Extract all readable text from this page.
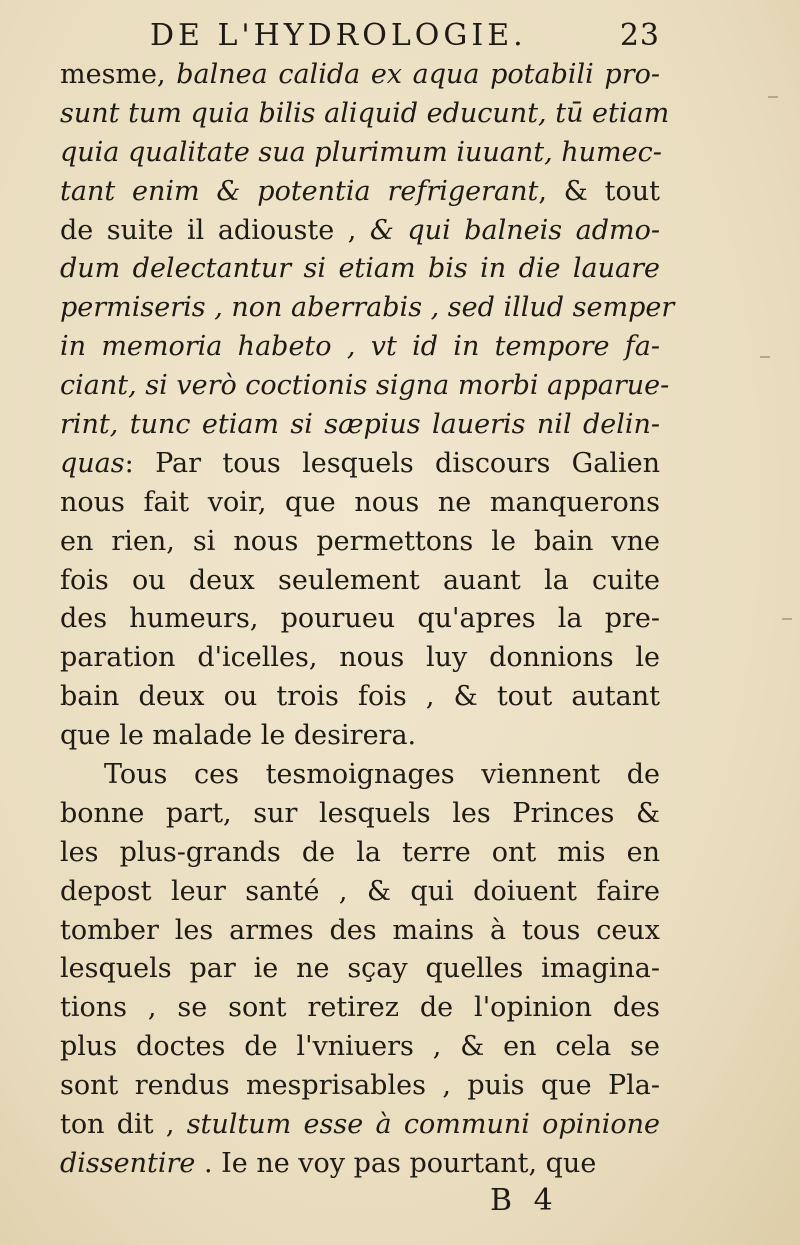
DE L'HYDROLOGIE.	23
mesme, balnea calida ex aqua potabili pro-
sunt tum quia bilis aliquid educunt, tū etiam
quia qualitate sua plurimum iuuant, humec-
tant enim & potentia refrigerant, & tout
de suite il adiouste , & qui balneis admo-
dum delectantur si etiam bis in die lauare
permiseris , non aberrabis , sed illud semper
in memoria habeto , vt id in tempore fa-
ciant, si verò coctionis signa morbi apparue-
rint, tunc etiam si sæpius laueris nil delin-
quas: Par tous lesquels discours Galien
nous fait voir, que nous ne manquerons
en rien, si nous permettons le bain vne
fois ou deux seulement auant la cuite
des humeurs, pourueu qu'apres la pre-
paration d'icelles, nous luy donnions le
bain deux ou trois fois , & tout autant
que le malade le desirera.
Tous ces tesmoignages viennent de
bonne part, sur lesquels les Princes &
les plus-grands de la terre ont mis en
depost leur santé , & qui doiuent faire
tomber les armes des mains à tous ceux
lesquels par ie ne sçay quelles imagina-
tions , se sont retirez de l'opinion des
plus doctes de l'vniuers , & en cela se
sont rendus mesprisables , puis que Pla-
ton dit , stultum esse à communi opinione
dissentire . Ie ne voy pas pourtant, que
B 4
